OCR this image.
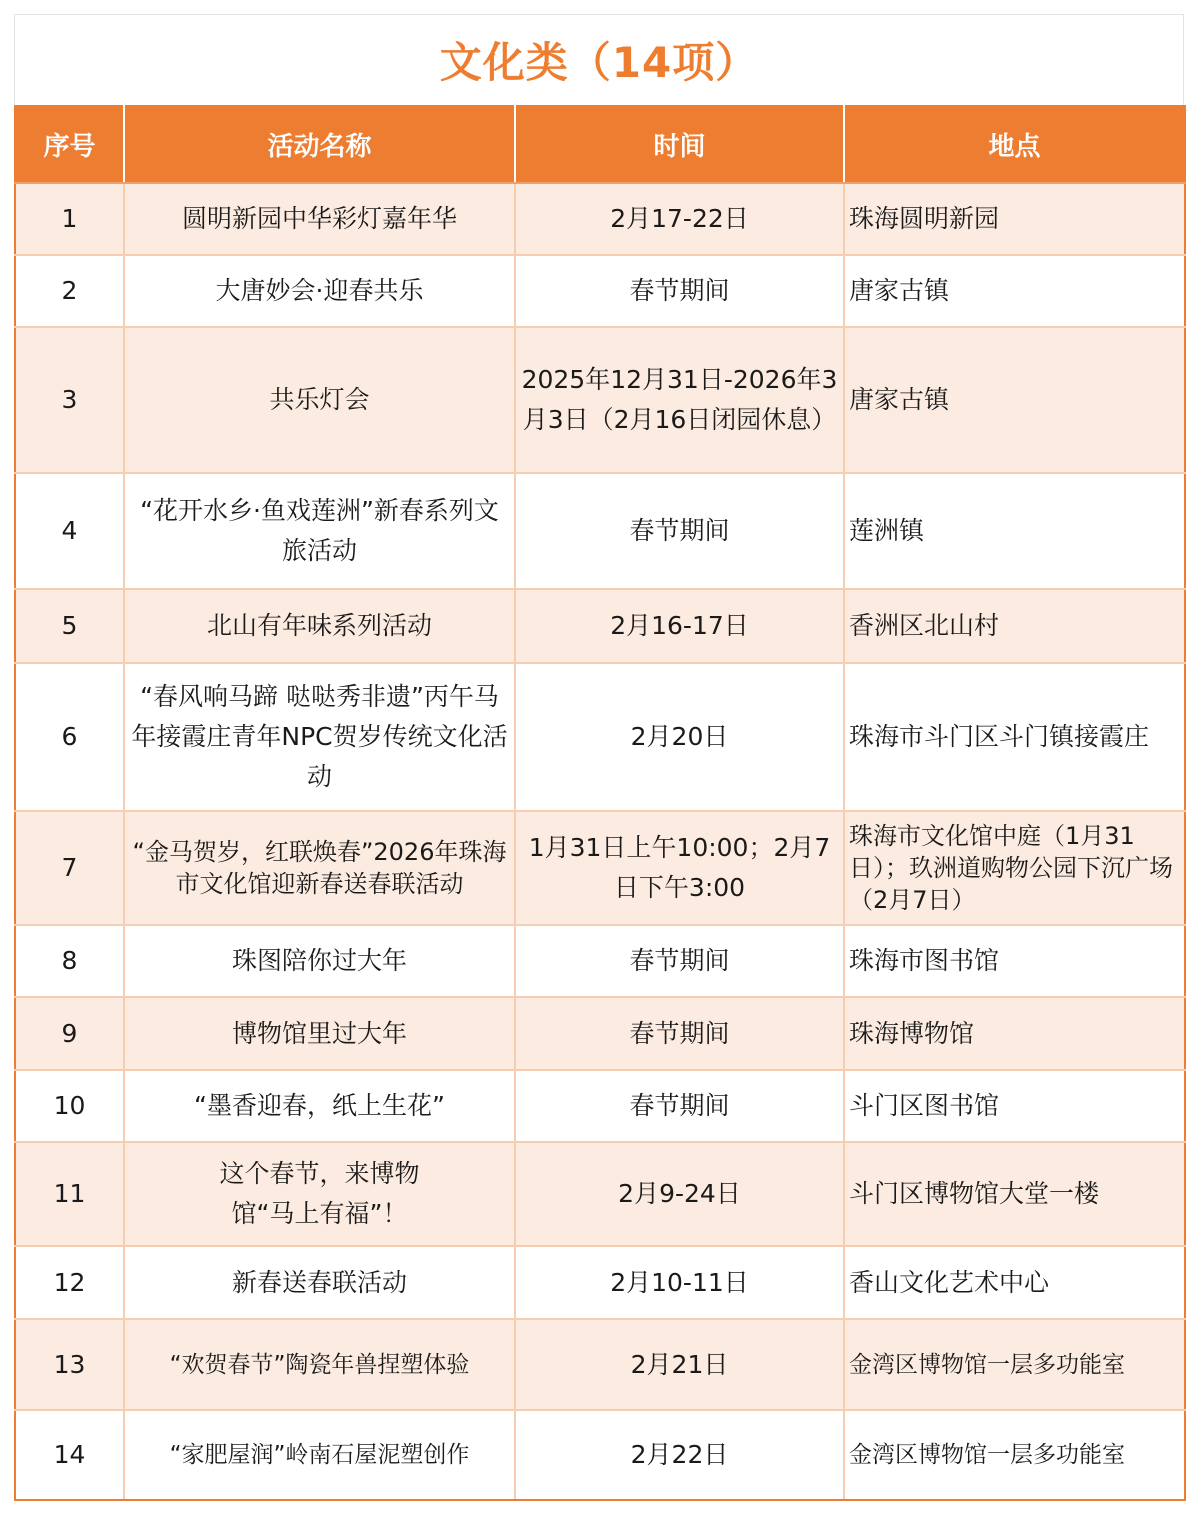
文化类（14项）
序号	活动名称	时间	地点
1	圆明新园中华彩灯嘉年华	2月17-22日	珠海圆明新园
2	大唐妙会·迎春共乐	春节期间	唐家古镇
3	共乐灯会	2025年12月31日-2026年3月3日（2月16日闭园休息）	唐家古镇
4	“花开水乡·鱼戏莲洲”新春系列文旅活动	春节期间	莲洲镇
5	北山有年味系列活动	2月16-17日	香洲区北山村
6	“春风响马蹄 哒哒秀非遗”丙午马年接霞庄青年NPC贺岁传统文化活动	2月20日	珠海市斗门区斗门镇接霞庄
7	“金马贺岁，红联焕春”2026年珠海市文化馆迎新春送春联活动	1月31日上午10:00；2月7日下午3:00	珠海市文化馆中庭（1月31日）；玖洲道购物公园下沉广场（2月7日）
8	珠图陪你过大年	春节期间	珠海市图书馆
9	博物馆里过大年	春节期间	珠海博物馆
10	“墨香迎春，纸上生花”	春节期间	斗门区图书馆
11	这个春节，来博物馆“马上有福”！	2月9-24日	斗门区博物馆大堂一楼
12	新春送春联活动	2月10-11日	香山文化艺术中心
13	“欢贺春节”陶瓷年兽捏塑体验	2月21日	金湾区博物馆一层多功能室
14	“家肥屋润”岭南石屋泥塑创作	2月22日	金湾区博物馆一层多功能室
